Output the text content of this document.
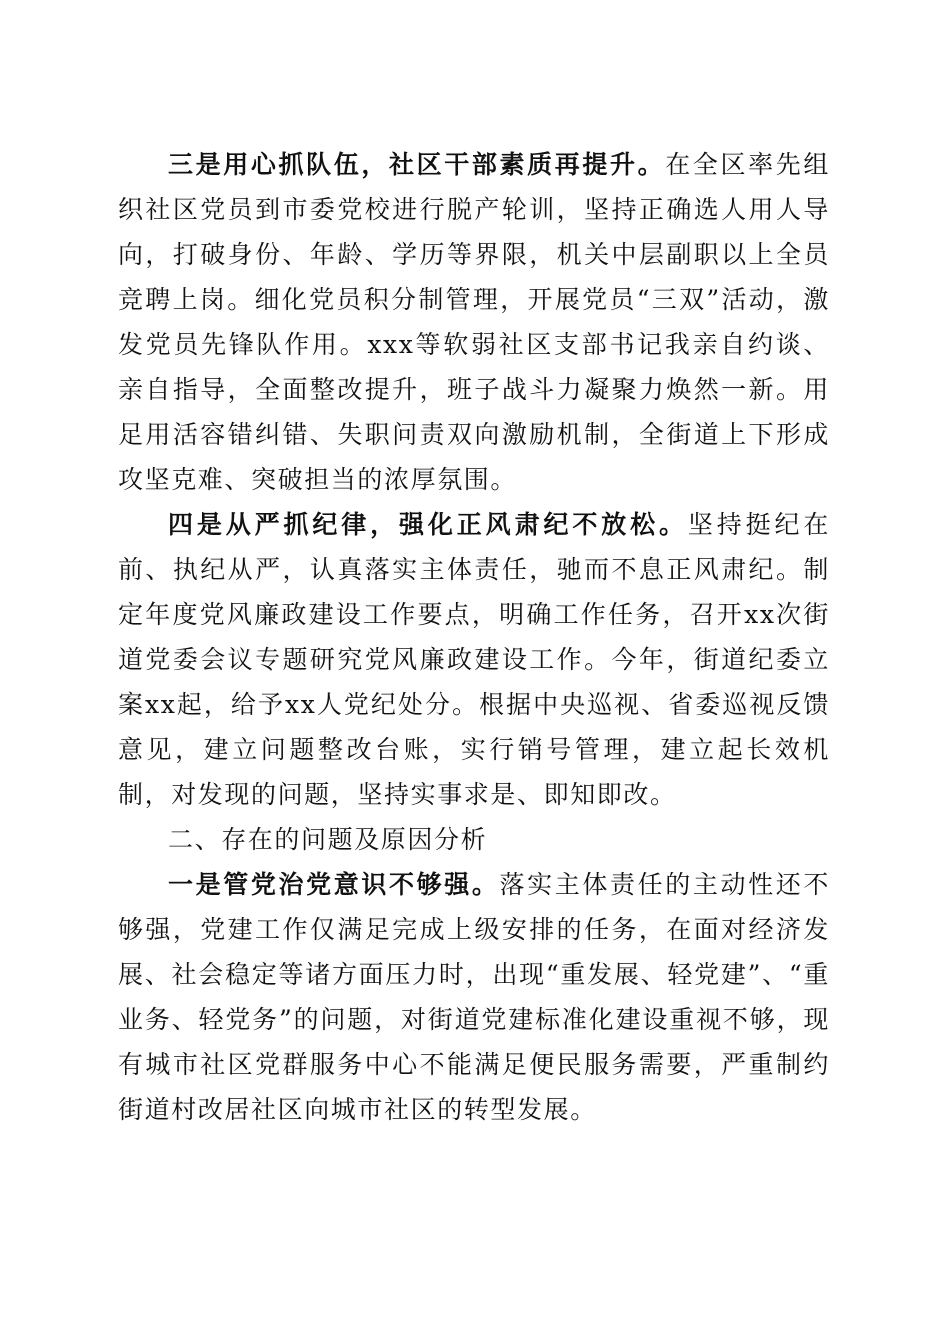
三是用心抓队伍，社区干部素质再提升。在全区率先组织社区党员到市委党校进行脱产轮训，坚持正确选人用人导向，打破身份、年龄、学历等界限，机关中层副职以上全员竞聘上岗。细化党员积分制管理，开展党员“三双”活动，激发党员先锋队作用。xxx等软弱社区支部书记我亲自约谈、亲自指导，全面整改提升，班子战斗力凝聚力焕然一新。用足用活容错纠错、失职问责双向激励机制，全街道上下形成攻坚克难、突破担当的浓厚氛围。

四是从严抓纪律，强化正风肃纪不放松。坚持挺纪在前、执纪从严，认真落实主体责任，驰而不息正风肃纪。制定年度党风廉政建设工作要点，明确工作任务，召开xx次街道党委会议专题研究党风廉政建设工作。今年，街道纪委立案xx起，给予xx人党纪处分。根据中央巡视、省委巡视反馈意见，建立问题整改台账，实行销号管理，建立起长效机制，对发现的问题，坚持实事求是、即知即改。

二、存在的问题及原因分析

一是管党治党意识不够强。落实主体责任的主动性还不够强，党建工作仅满足完成上级安排的任务，在面对经济发展、社会稳定等诸方面压力时，出现“重发展、轻党建”、“重业务、轻党务”的问题，对街道党建标准化建设重视不够，现有城市社区党群服务中心不能满足便民服务需要，严重制约街道村改居社区向城市社区的转型发展。
